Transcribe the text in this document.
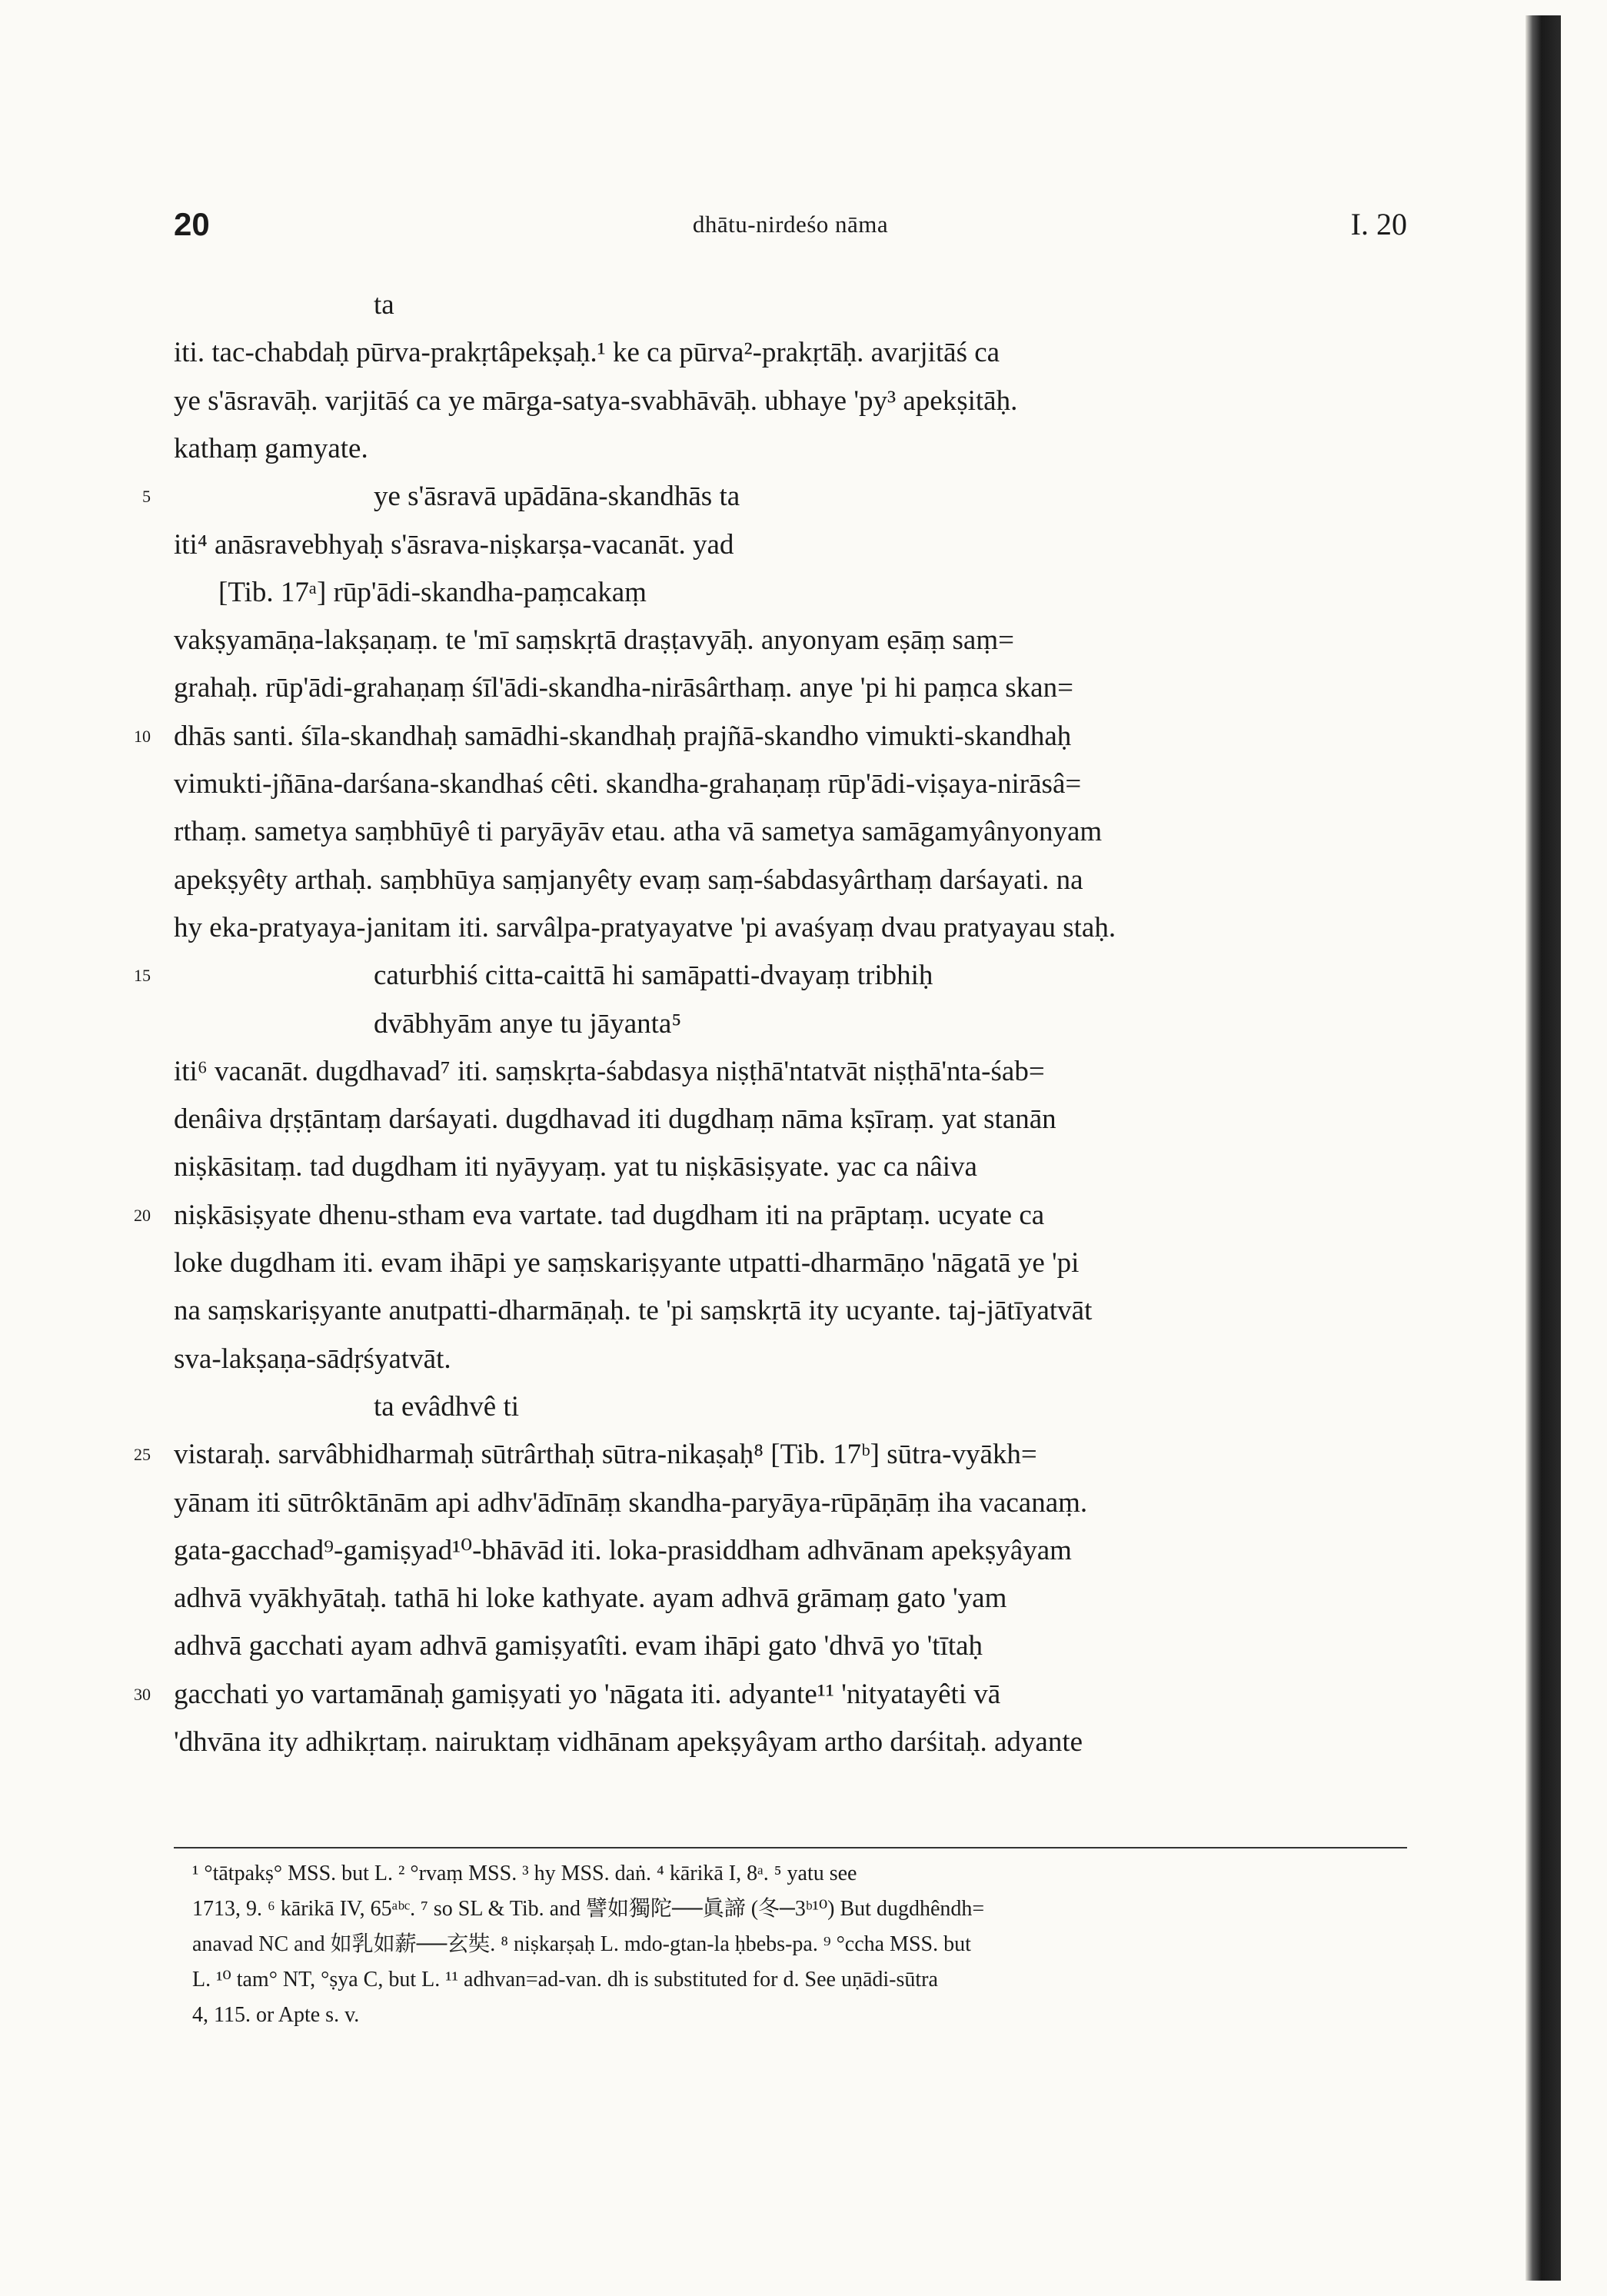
20	dhātu-nirdeśo nāma	I. 20
ta
iti. tac-chabdaḥ pūrva-prakṛtâpekṣaḥ.¹ ke ca pūrva²-prakṛtāḥ. avarjitāś ca
ye s'āsravāḥ. varjitāś ca ye mārga-satya-svabhāvāḥ. ubhaye 'py³ apekṣitāḥ.
kathaṃ gamyate.
5	ye s'āsravā upādāna-skandhās ta
iti⁴ anāsravebhyaḥ s'āsrava-niṣkarṣa-vacanāt. yad
[Tib. 17ᵃ] rūp'ādi-skandha-paṃcakaṃ
vakṣyamāṇa-lakṣaṇaṃ. te 'mī saṃskṛtā draṣṭavyāḥ. anyonyam eṣāṃ saṃ=
grahaḥ. rūp'ādi-grahaṇaṃ śīl'ādi-skandha-nirāsârthaṃ. anye 'pi hi paṃca skan=
10 dhās santi. śīla-skandhaḥ samādhi-skandhaḥ prajñā-skandho vimukti-skandhaḥ
vimukti-jñāna-darśana-skandhaś cêti. skandha-grahaṇaṃ rūp'ādi-viṣaya-nirāsâ=
rthaṃ. sametya saṃbhūyê ti paryāyāv etau. atha vā sametya samāgamyânyonyam
apekṣyêty arthaḥ. saṃbhūya saṃjanyêty evaṃ saṃ-śabdasyârthaṃ darśayati. na
hy eka-pratyaya-janitam iti. sarvâlpa-pratyayatve 'pi avaśyaṃ dvau pratyayau staḥ.
15	caturbhiś citta-caittā hi samāpatti-dvayaṃ tribhiḥ
dvābhyām anye tu jāyanta⁵
iti⁶ vacanāt. dugdhavad⁷ iti. saṃskṛta-śabdasya niṣṭhā'ntatvāt niṣṭhā'nta-śab=
denâiva dṛṣṭāntaṃ darśayati. dugdhavad iti dugdhaṃ nāma kṣīraṃ. yat stanān
niṣkāsitaṃ. tad dugdham iti nyāyyaṃ. yat tu niṣkāsiṣyate. yac ca nâiva
20 niṣkāsiṣyate dhenu-stham eva vartate. tad dugdham iti na prāptaṃ. ucyate ca
loke dugdham iti. evam ihāpi ye saṃskariṣyante utpatti-dharmāṇo 'nāgatā ye 'pi
na saṃskariṣyante anutpatti-dharmāṇaḥ. te 'pi saṃskṛtā ity ucyante. taj-jātīyatvāt
sva-lakṣaṇa-sādṛśyatvāt.
ta evâdhvê ti
25 vistaraḥ. sarvâbhidharmaḥ sūtrârthaḥ sūtra-nikaṣaḥ⁸ [Tib. 17ᵇ] sūtra-vyākh=
yānam iti sūtrôktānām api adhv'ādīnāṃ skandha-paryāya-rūpāṇāṃ iha vacanaṃ.
gata-gacchad⁹-gamiṣyad¹⁰-bhāvād iti. loka-prasiddham adhvānam apekṣyâyam
adhvā vyākhyātaḥ. tathā hi loke kathyate. ayam adhvā grāmaṃ gato 'yam
adhvā gacchati ayam adhvā gamiṣyatîti. evam ihāpi gato 'dhvā yo 'tītaḥ
30 gacchati yo vartamānaḥ gamiṣyati yo 'nāgata iti. adyante¹¹ 'nityatayêti vā
'dhvāna ity adhikṛtaṃ. nairuktaṃ vidhānam apekṣyâyam artho darśitaḥ. adyante
¹ °tātpakṣ° MSS. but L. ² °rvaṃ MSS. ³ hy MSS. daṅ. ⁴ kārikā I, 8ᵃ. ⁵ yatu see
1713, 9. ⁶ kārikā IV, 65ᵃᵇᶜ. ⁷ so SL & Tib. and 譬如獨陀──眞諦 (冬─3ᵇ¹⁰) But dugdhêndh=
anavad NC and 如乳如薪──玄奘. ⁸ niṣkarṣaḥ L. mdo-gtan-la ḥbebs-pa. ⁹ °ccha MSS. but
L. ¹⁰ tam° NT, °ṣya C, but L. ¹¹ adhvan=ad-van. dh is substituted for d. See uṇādi-sūtra
4, 115. or Apte s. v.
